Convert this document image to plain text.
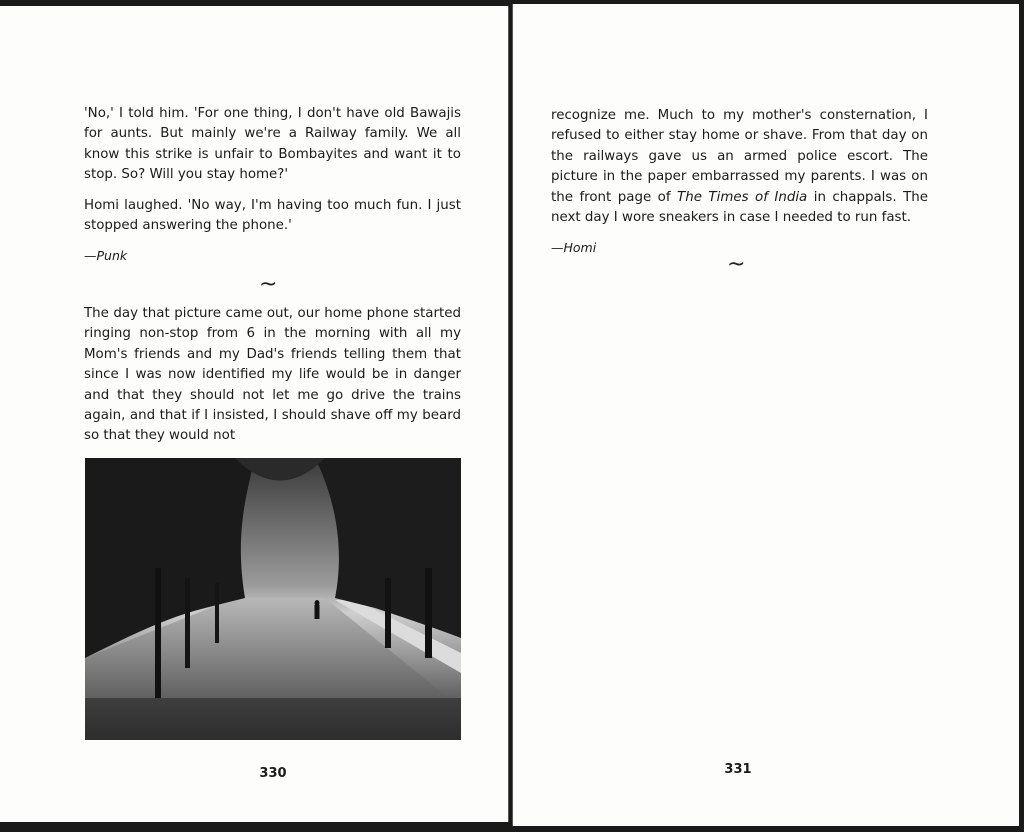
'No,' I told him. 'For one thing, I don't have old Bawajis for aunts. But mainly we're a Railway family. We all know this strike is unfair to Bombayites and want it to stop. So? Will you stay home?'

Homi laughed. 'No way, I'm having too much fun. I just stopped answering the phone.'

—Punk

~

The day that picture came out, our home phone started ringing non-stop from 6 in the morning with all my Mom's friends and my Dad's friends telling them that since I was now identified my life would be in danger and that they should not let me go drive the trains again, and that if I insisted, I should shave off my beard so that they would not

330

recognize me. Much to my mother's consternation, I refused to either stay home or shave. From that day on the railways gave us an armed police escort. The picture in the paper embarrassed my parents. I was on the front page of The Times of India in chappals. The next day I wore sneakers in case I needed to run fast.

—Homi

~
331
